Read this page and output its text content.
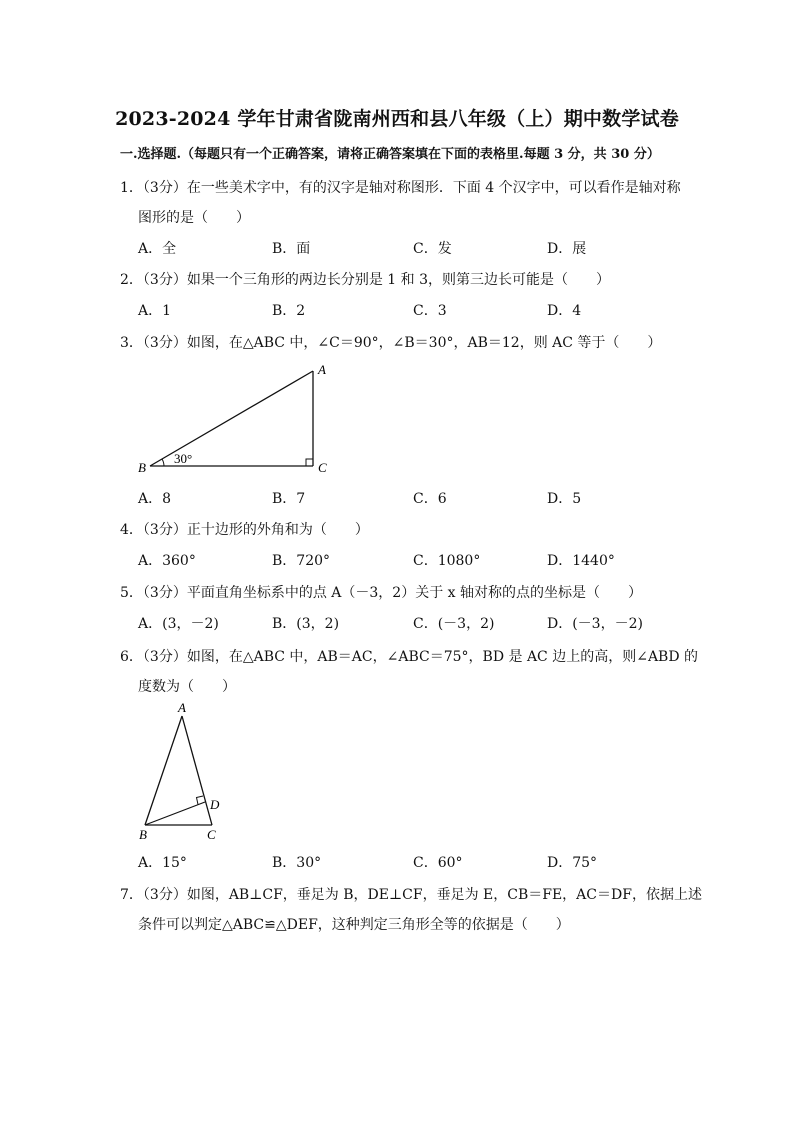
2023-2024 学年甘肃省陇南州西和县八年级（上）期中数学试卷
一.选择题.（每题只有一个正确答案，请将正确答案填在下面的表格里.每题 3 分，共 30 分）
1．（3分）在一些美术字中，有的汉字是轴对称图形．下面 4 个汉字中，可以看作是轴对称
图形的是（　　）
A．全	B．面	C．发	D．展
2．（3分）如果一个三角形的两边长分别是 1 和 3，则第三边长可能是（　　）
A．1	B．2	C．3	D．4
3．（3分）如图，在△ABC 中，∠C＝90°，∠B＝30°，AB＝12，则 AC 等于（　　）
A
B	C
30°
A．8	B．7	C．6	D．5
4．（3分）正十边形的外角和为（　　）
A．360°	B．720°	C．1080°	D．1440°
5．（3分）平面直角坐标系中的点 A（－3，2）关于 x 轴对称的点的坐标是（　　）
A．(3，－2)	B．(3，2)	C．(－3，2)	D．(－3，－2)
6．（3分）如图，在△ABC 中，AB＝AC，∠ABC＝75°，BD 是 AC 边上的高，则∠ABD 的
度数为（　　）
A
B	C
D
A．15°	B．30°	C．60°	D．75°
7．（3分）如图，AB⊥CF，垂足为 B，DE⊥CF，垂足为 E，CB＝FE，AC＝DF，依据上述
条件可以判定△ABC≌△DEF，这种判定三角形全等的依据是（　　）
